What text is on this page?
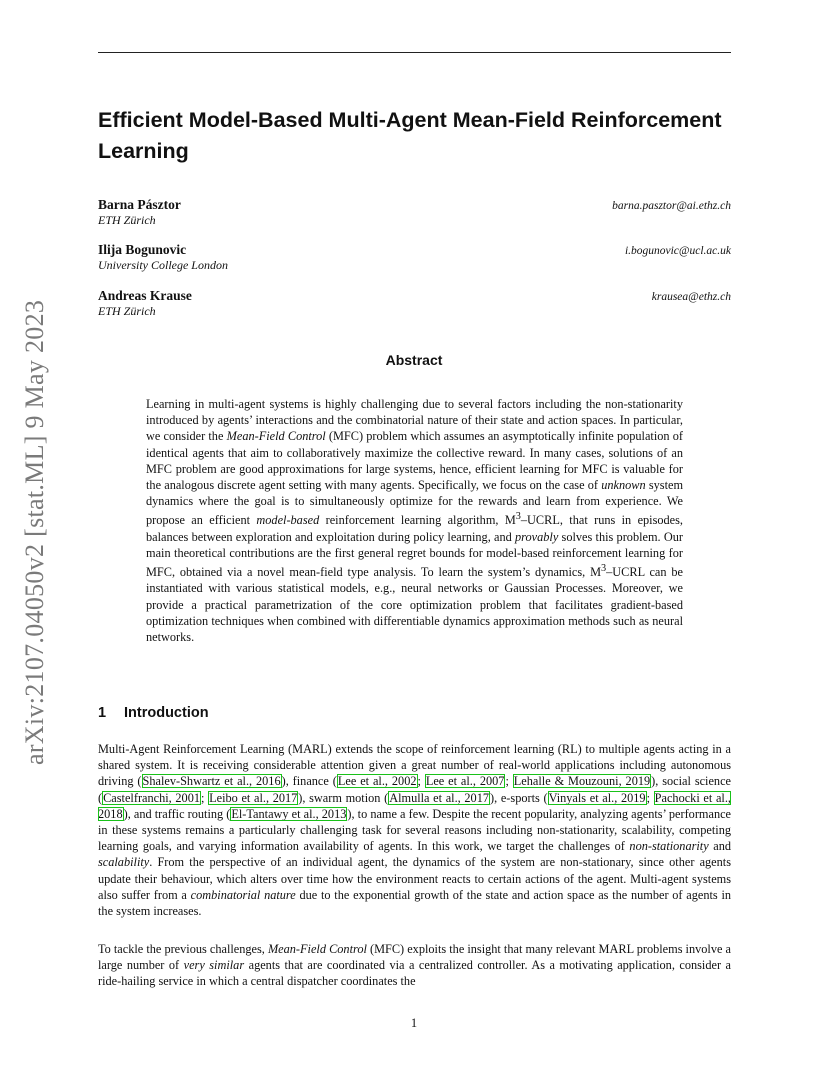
arXiv:2107.04050v2 [stat.ML] 9 May 2023
Efficient Model-Based Multi-Agent Mean-Field Reinforcement Learning
Barna Pásztor
ETH Zürich
barna.pasztor@ai.ethz.ch
Ilija Bogunovic
University College London
i.bogunovic@ucl.ac.uk
Andreas Krause
ETH Zürich
krausea@ethz.ch
Abstract

Learning in multi-agent systems is highly challenging due to several factors including the non-stationarity introduced by agents’ interactions and the combinatorial nature of their state and action spaces. In particular, we consider the Mean-Field Control (MFC) problem which assumes an asymptotically infinite population of identical agents that aim to collaboratively maximize the collective reward. In many cases, solutions of an MFC problem are good approximations for large systems, hence, efficient learning for MFC is valuable for the analogous discrete agent setting with many agents. Specifically, we focus on the case of unknown system dynamics where the goal is to simultaneously optimize for the rewards and learn from experience. We propose an efficient model-based reinforcement learning algorithm, $M^3$–UCRL, that runs in episodes, balances between exploration and exploitation during policy learning, and provably solves this problem. Our main theoretical contributions are the first general regret bounds for model-based reinforcement learning for MFC, obtained via a novel mean-field type analysis. To learn the system’s dynamics, $M^3$–UCRL can be instantiated with various statistical models, e.g., neural networks or Gaussian Processes. Moreover, we provide a practical parametrization of the core optimization problem that facilitates gradient-based optimization techniques when combined with differentiable dynamics approximation methods such as neural networks.

1 Introduction

Multi-Agent Reinforcement Learning (MARL) extends the scope of reinforcement learning (RL) to multiple agents acting in a shared system. It is receiving considerable attention given a great number of real-world applications including autonomous driving (Shalev-Shwartz et al., 2016), finance (Lee et al., 2002; Lee et al., 2007; Lehalle & Mouzouni, 2019), social science (Castelfranchi, 2001; Leibo et al., 2017), swarm motion (Almulla et al., 2017), e-sports (Vinyals et al., 2019; Pachocki et al., 2018), and traffic routing (El-Tantawy et al., 2013), to name a few. Despite the recent popularity, analyzing agents’ performance in these systems remains a particularly challenging task for several reasons including non-stationarity, scalability, competing learning goals, and varying information availability of agents. In this work, we target the challenges of non-stationarity and scalability. From the perspective of an individual agent, the dynamics of the system are non-stationary, since other agents update their behaviour, which alters over time how the environment reacts to certain actions of the agent. Multi-agent systems also suffer from a combinatorial nature due to the exponential growth of the state and action space as the number of agents in the system increases.

To tackle the previous challenges, Mean-Field Control (MFC) exploits the insight that many relevant MARL problems involve a large number of very similar agents that are coordinated via a centralized controller. As a motivating application, consider a ride-hailing service in which a central dispatcher coordinates the

1
